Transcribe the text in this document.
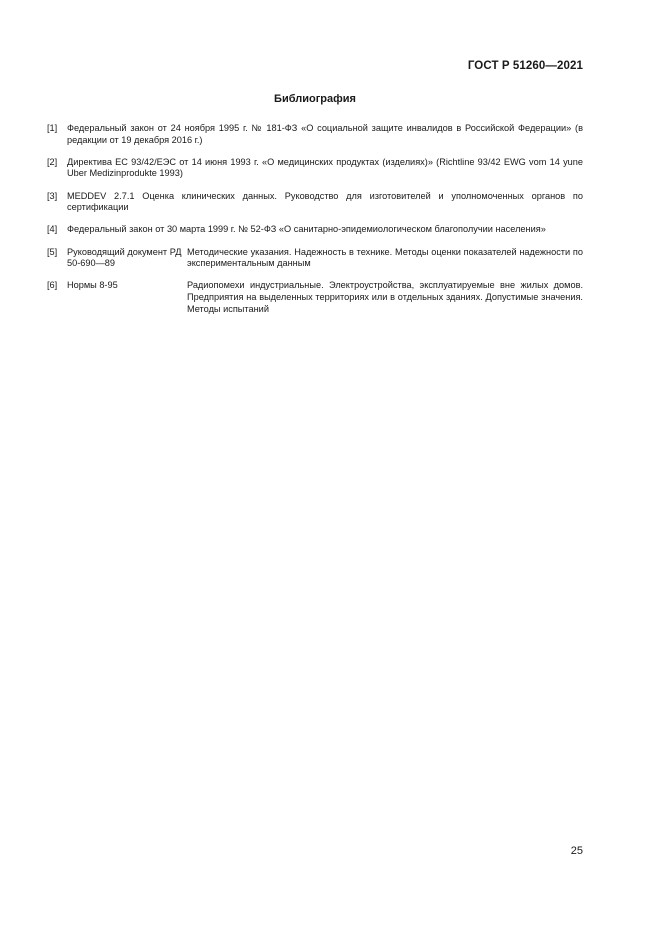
ГОСТ Р 51260—2021
Библиография
[1] Федеральный закон от 24 ноября 1995 г. № 181-ФЗ «О социальной защите инвалидов в Российской Федерации» (в редакции от 19 декабря 2016 г.)
[2] Директива ЕС 93/42/ЕЭС от 14 июня 1993 г. «О медицинских продуктах (изделиях)» (Richtline 93/42 EWG vom 14 yune Uber Medizinprodukte 1993)
[3] MEDDEV 2.7.1 Оценка клинических данных. Руководство для изготовителей и уполномоченных органов по сертификации
[4] Федеральный закон от 30 марта 1999 г. № 52-ФЗ «О санитарно-эпидемиологическом благополучии населения»
[5] Руководящий документ РД 50-690—89
Методические указания. Надежность в технике. Методы оценки показателей надежности по экспериментальным данным
[6] Нормы 8-95	Радиопомехи индустриальные. Электроустройства, эксплуатируемые вне жилых домов. Предприятия на выделенных территориях или в отдельных зданиях. Допустимые значения. Методы испытаний
25
